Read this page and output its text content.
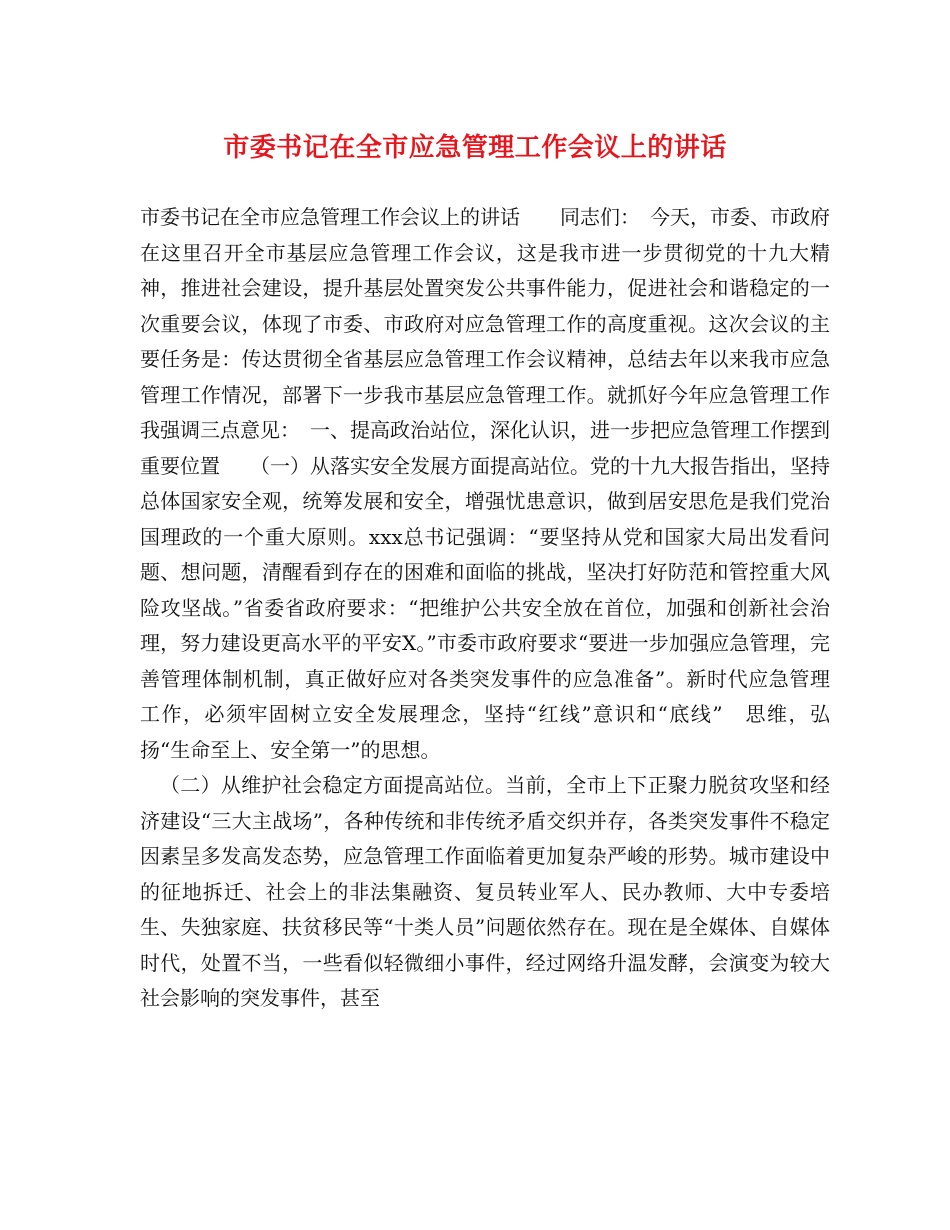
市委书记在全市应急管理工作会议上的讲话

市委书记在全市应急管理工作会议上的讲话　　同志们：　今天，市委、市政府在这里召开全市基层应急管理工作会议，这是我市进一步贯彻党的十九大精神，推进社会建设，提升基层处置突发公共事件能力，促进社会和谐稳定的一次重要会议，体现了市委、市政府对应急管理工作的高度重视。这次会议的主要任务是：传达贯彻全省基层应急管理工作会议精神，总结去年以来我市应急管理工作情况，部署下一步我市基层应急管理工作。就抓好今年应急管理工作我强调三点意见：　一、提高政治站位，深化认识，进一步把应急管理工作摆到重要位置　　（一）从落实安全发展方面提高站位。党的十九大报告指出，坚持总体国家安全观，统筹发展和安全，增强忧患意识，做到居安思危是我们党治国理政的一个重大原则。xxx总书记强调：“要坚持从党和国家大局出发看问题、想问题，清醒看到存在的困难和面临的挑战，坚决打好防范和管控重大风险攻坚战。”省委省政府要求：“把维护公共安全放在首位，加强和创新社会治理，努力建设更高水平的平安X。”市委市政府要求“要进一步加强应急管理，完善管理体制机制，真正做好应对各类突发事件的应急准备”。新时代应急管理工作，必须牢固树立安全发展理念，坚持“红线”意识和“底线”　思维，弘扬“生命至上、安全第一”的思想。

（二）从维护社会稳定方面提高站位。当前，全市上下正聚力脱贫攻坚和经济建设“三大主战场”，各种传统和非传统矛盾交织并存，各类突发事件不稳定因素呈多发高发态势，应急管理工作面临着更加复杂严峻的形势。城市建设中的征地拆迁、社会上的非法集融资、复员转业军人、民办教师、大中专委培生、失独家庭、扶贫移民等“十类人员”问题依然存在。现在是全媒体、自媒体时代，处置不当，一些看似轻微细小事件，经过网络升温发酵，会演变为较大社会影响的突发事件，甚至
